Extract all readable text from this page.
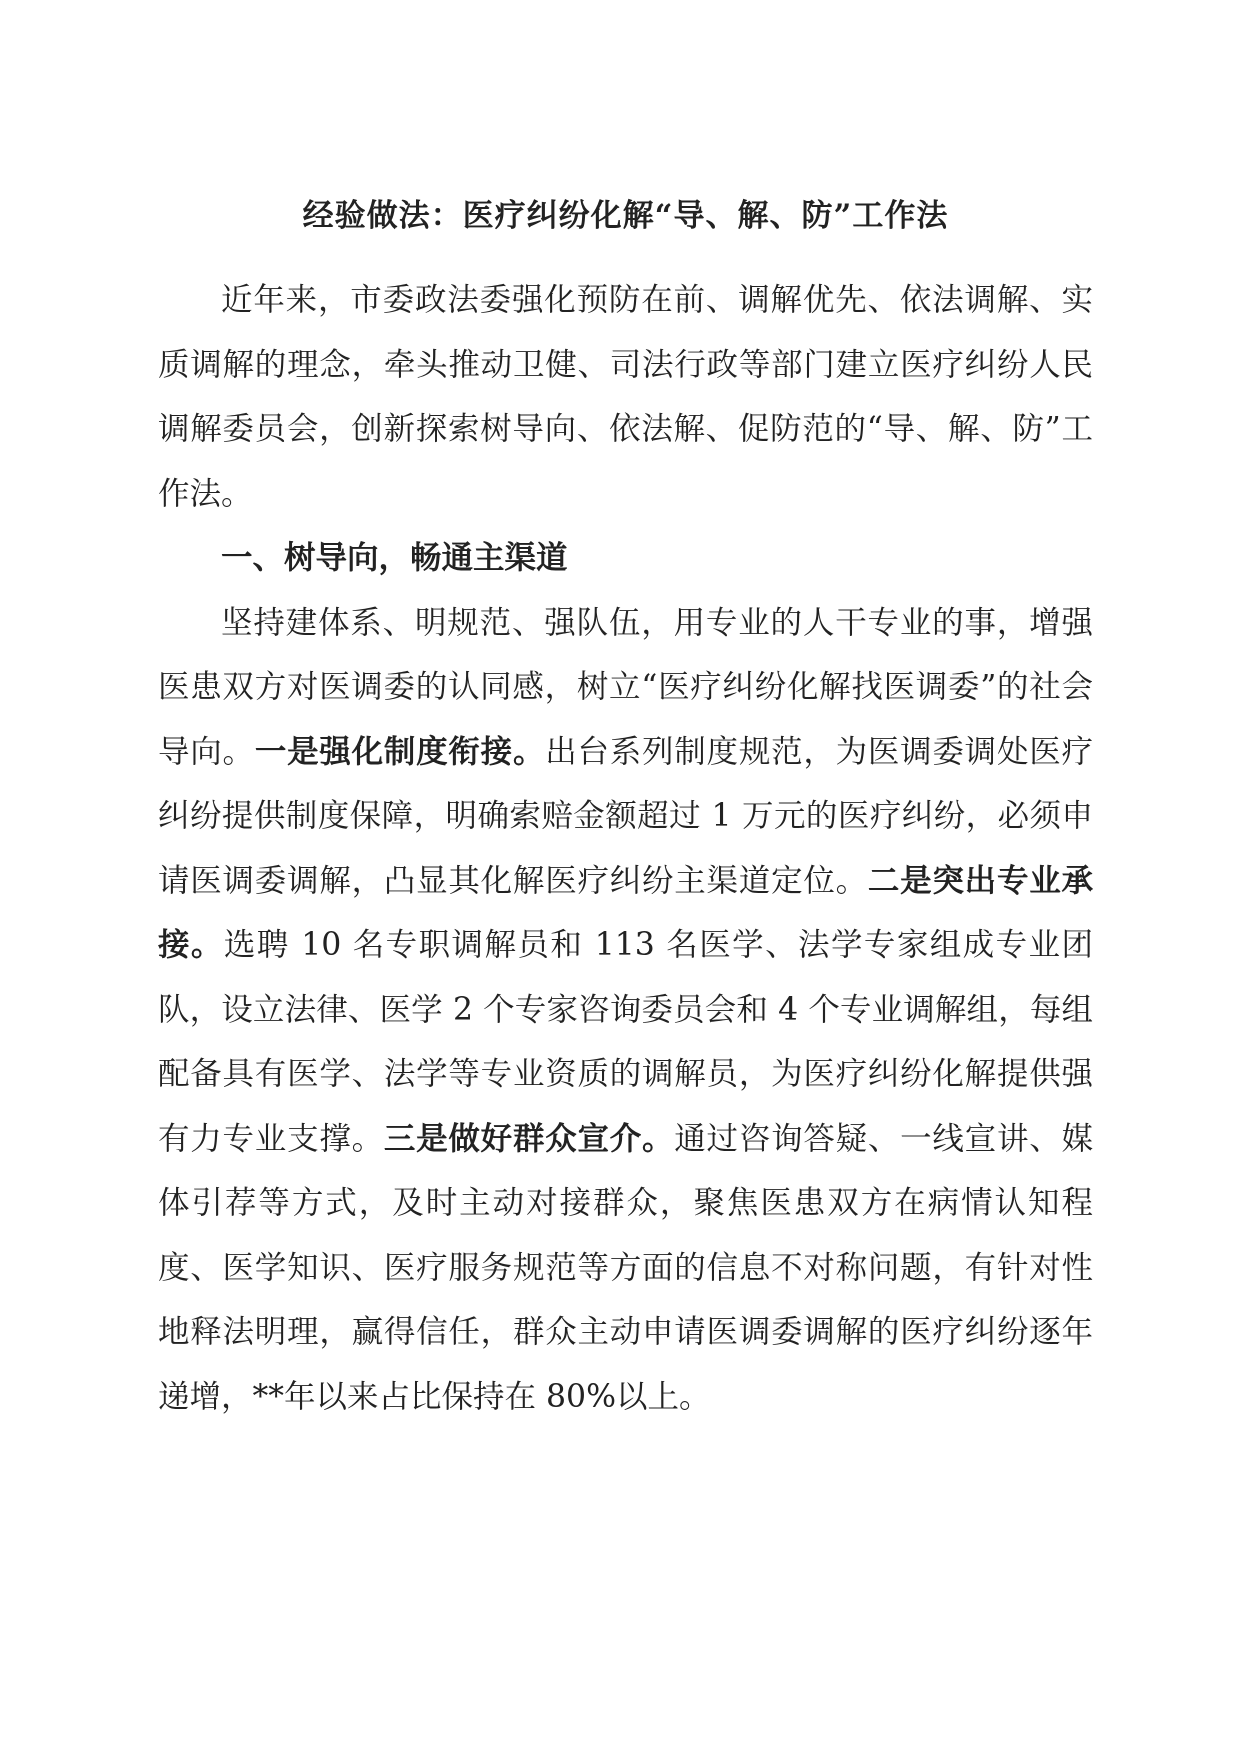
经验做法：医疗纠纷化解“导、解、防”工作法

近年来，市委政法委强化预防在前、调解优先、依法调解、实质调解的理念，牵头推动卫健、司法行政等部门建立医疗纠纷人民调解委员会，创新探索树导向、依法解、促防范的“导、解、防”工作法。

一、树导向，畅通主渠道

坚持建体系、明规范、强队伍，用专业的人干专业的事，增强医患双方对医调委的认同感，树立“医疗纠纷化解找医调委”的社会导向。一是强化制度衔接。出台系列制度规范，为医调委调处医疗纠纷提供制度保障，明确索赔金额超过 1 万元的医疗纠纷，必须申请医调委调解，凸显其化解医疗纠纷主渠道定位。二是突出专业承接。选聘 10 名专职调解员和 113 名医学、法学专家组成专业团队，设立法律、医学 2 个专家咨询委员会和 4 个专业调解组，每组配备具有医学、法学等专业资质的调解员，为医疗纠纷化解提供强有力专业支撑。三是做好群众宣介。通过咨询答疑、一线宣讲、媒体引荐等方式，及时主动对接群众，聚焦医患双方在病情认知程度、医学知识、医疗服务规范等方面的信息不对称问题，有针对性地释法明理，赢得信任，群众主动申请医调委调解的医疗纠纷逐年递增，**年以来占比保持在 80%以上。
